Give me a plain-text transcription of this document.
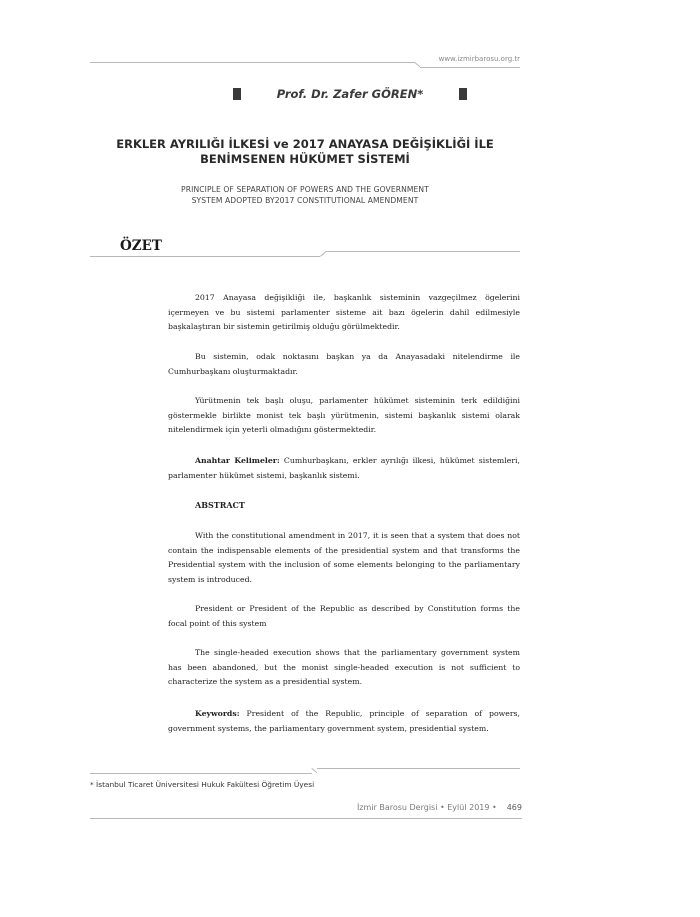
www.izmirbarosu.org.tr
Prof. Dr. Zafer GÖREN*
ERKLER AYRILIĞI İLKESİ ve 2017 ANAYASA DEĞİŞİKLİĞİ İLE
BENİMSENEN HÜKÜMET SİSTEMİ
PRINCIPLE OF SEPARATION OF POWERS AND THE GOVERNMENT
SYSTEM ADOPTED BY2017 CONSTITUTIONAL AMENDMENT
ÖZET

2017 Anayasa değişikliği ile, başkanlık sisteminin vazgeçilmez ögelerini içermeyen ve bu sistemi parlamenter sisteme ait bazı ögelerin dahil edilmesiyle başkalaştıran bir sistemin getirilmiş olduğu görülmektedir.

Bu sistemin, odak noktasını başkan ya da Anayasadaki nitelendirme ile Cumhurbaşkanı oluşturmaktadır.

Yürütmenin tek başlı oluşu, parlamenter hükümet sisteminin terk edildiğini göstermekle birlikte monist tek başlı yürütmenin, sistemi başkanlık sistemi olarak nitelendirmek için yeterli olmadığını göstermektedir.

Anahtar Kelimeler: Cumhurbaşkanı, erkler ayrılığı ilkesi, hükümet sistemleri, parlamenter hükümet sistemi, başkanlık sistemi.

ABSTRACT

With the constitutional amendment in 2017, it is seen that a system that does not contain the indispensable elements of the presidential system and that transforms the Presidential system with the inclusion of some elements belonging to the parliamentary system is introduced.

President or President of the Republic as described by Constitution forms the focal point of this system

The single-headed execution shows that the parliamentary government system has been abandoned, but the monist single-headed execution is not sufficient to characterize the system as a presidential system.

Keywords: President of the Republic, principle of separation of powers, government systems, the parliamentary government system, presidential system.

* İstanbul Ticaret Üniversitesi Hukuk Fakültesi Öğretim Üyesi
İzmir Barosu Dergisi • Eylül 2019 • 469
